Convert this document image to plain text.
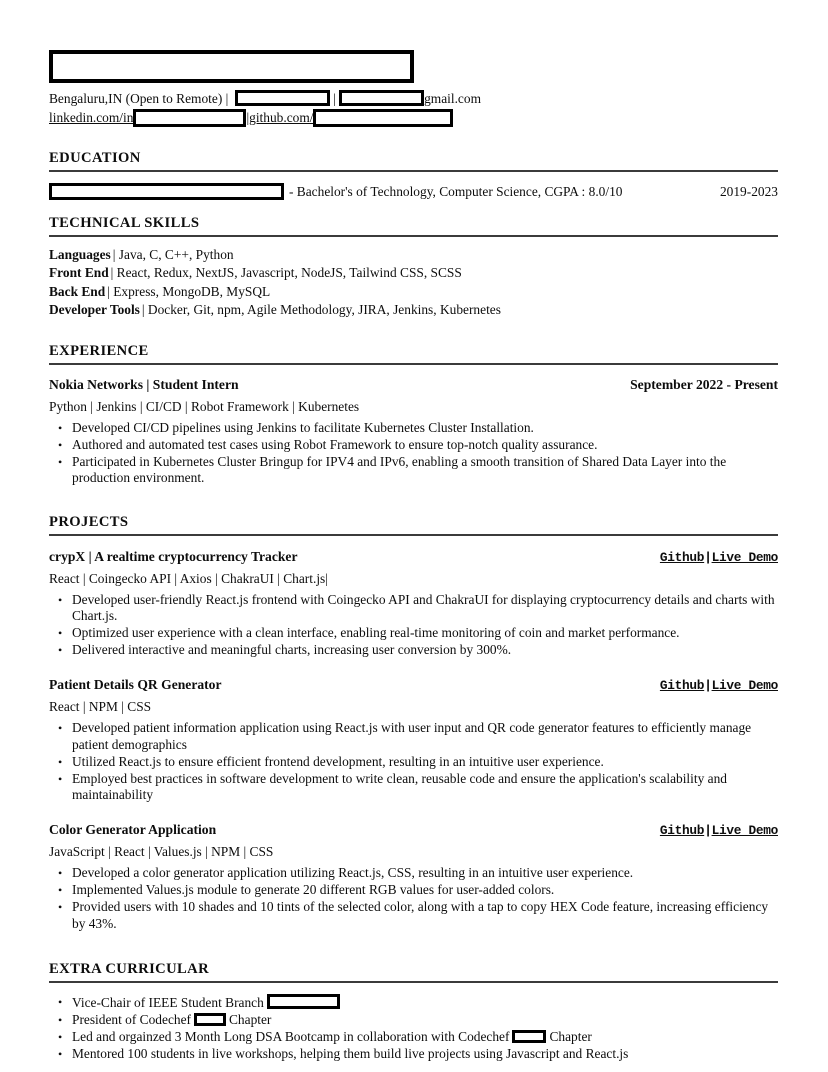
Bengaluru,IN (Open to Remote) |	|	gmail.com
linkedin.com/in	|github.com/
EDUCATION
- Bachelor's of Technology, Computer Science, CGPA : 8.0/10	2019-2023
TECHNICAL SKILLS
Languages | Java, C, C++, Python
Front End | React, Redux, NextJS, Javascript, NodeJS, Tailwind CSS, SCSS
Back End | Express, MongoDB, MySQL
Developer Tools | Docker, Git, npm, Agile Methodology, JIRA, Jenkins, Kubernetes
EXPERIENCE
Nokia Networks | Student Intern	September 2022 - Present
Python | Jenkins | CI/CD | Robot Framework | Kubernetes
• Developed CI/CD pipelines using Jenkins to facilitate Kubernetes Cluster Installation.
• Authored and automated test cases using Robot Framework to ensure top-notch quality assurance.
• Participated in Kubernetes Cluster Bringup for IPV4 and IPv6, enabling a smooth transition of Shared Data Layer into the production environment.
PROJECTS
crypX | A realtime cryptocurrency Tracker	Github|Live Demo
React | Coingecko API | Axios | ChakraUI | Chart.js|
• Developed user-friendly React.js frontend with Coingecko API and ChakraUI for displaying cryptocurrency details and charts with Chart.js.
• Optimized user experience with a clean interface, enabling real-time monitoring of coin and market performance.
• Delivered interactive and meaningful charts, increasing user conversion by 300%.
Patient Details QR Generator	Github|Live Demo
React | NPM | CSS
• Developed patient information application using React.js with user input and QR code generator features to efficiently manage patient demographics
• Utilized React.js to ensure efficient frontend development, resulting in an intuitive user experience.
• Employed best practices in software development to write clean, reusable code and ensure the application's scalability and maintainability
Color Generator Application	Github|Live Demo
JavaScript | React | Values.js | NPM | CSS
• Developed a color generator application utilizing React.js, CSS, resulting in an intuitive user experience.
• Implemented Values.js module to generate 20 different RGB values for user-added colors.
• Provided users with 10 shades and 10 tints of the selected color, along with a tap to copy HEX Code feature, increasing efficiency by 43%.
EXTRA CURRICULAR
• Vice-Chair of IEEE Student Branch
• President of Codechef	Chapter
• Led and orgainzed 3 Month Long DSA Bootcamp in collaboration with Codechef	Chapter
• Mentored 100 students in live workshops, helping them build live projects using Javascript and React.js
